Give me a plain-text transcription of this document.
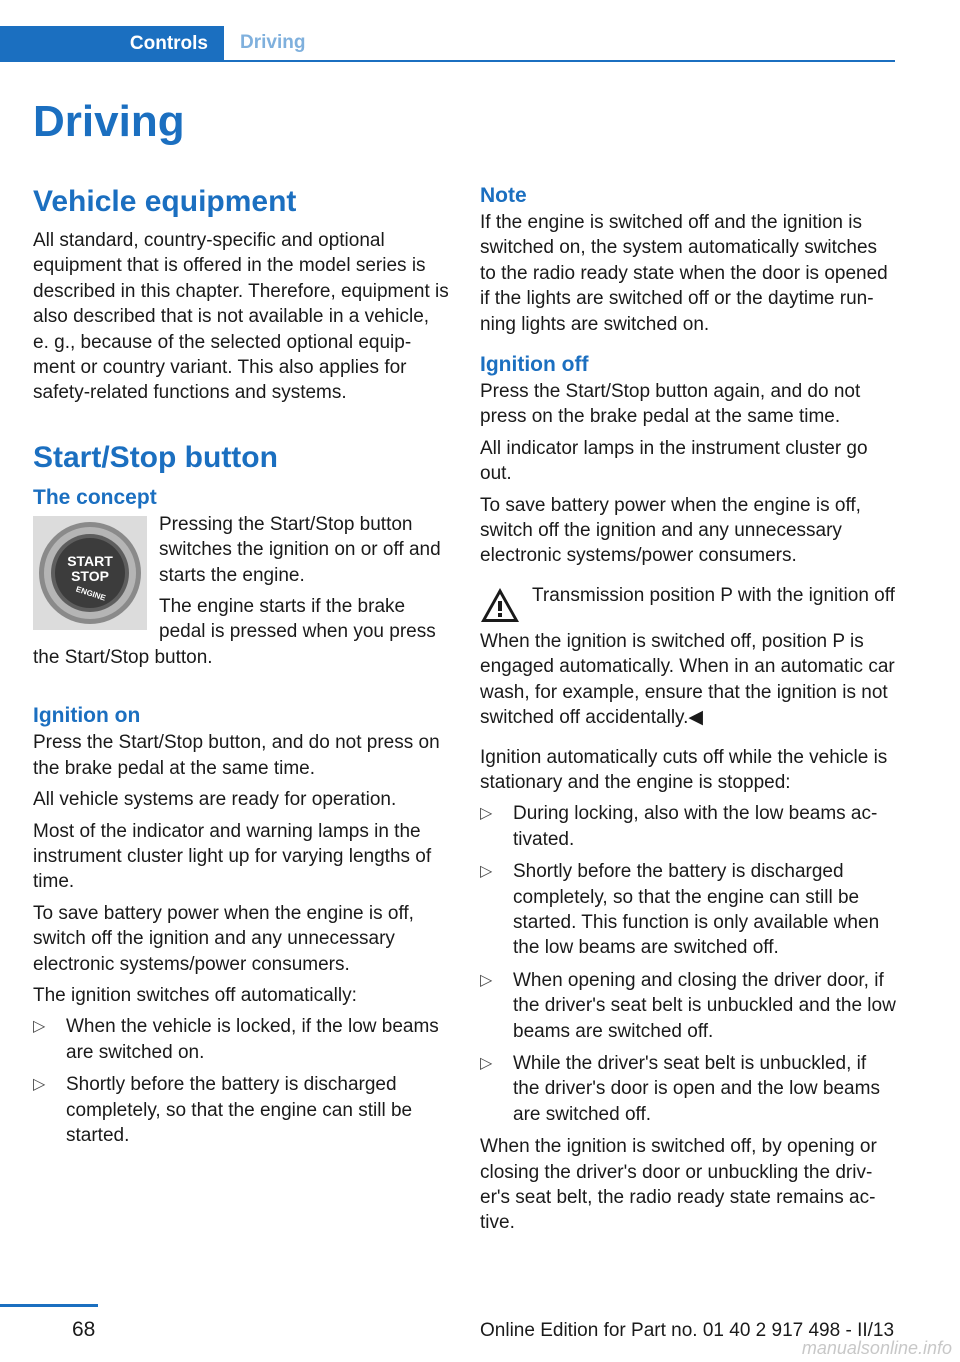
Controls	Driving
Driving
Vehicle equipment

All standard, country-specific and optional equipment that is offered in the model series is described in this chapter. Therefore, equipment is also described that is not available in a vehicle, e. g., because of the selected optional equip-ment or country variant. This also applies for safety-related functions and systems.

Start/Stop button
The concept
START
STOP
ENGINE

Pressing the Start/Stop button switches the ignition on or off and starts the engine.

The engine starts if the brake pedal is pressed when you press the Start/Stop button.

Ignition on

Press the Start/Stop button, and do not press on the brake pedal at the same time.

All vehicle systems are ready for operation.

Most of the indicator and warning lamps in the instrument cluster light up for varying lengths of time.

To save battery power when the engine is off, switch off the ignition and any unnecessary electronic systems/power consumers.

The ignition switches off automatically:

▷ When the vehicle is locked, if the low beams are switched on.
▷ Shortly before the battery is discharged completely, so that the engine can still be started.
Note

If the engine is switched off and the ignition is switched on, the system automatically switches to the radio ready state when the door is opened if the lights are switched off or the daytime run-ning lights are switched on.

Ignition off

Press the Start/Stop button again, and do not press on the brake pedal at the same time.

All indicator lamps in the instrument cluster go out.

To save battery power when the engine is off, switch off the ignition and any unnecessary electronic systems/power consumers.

Transmission position P with the ignition off

When the ignition is switched off, position P is engaged automatically. When in an automatic car wash, for example, ensure that the ignition is not switched off accidentally.◀

Ignition automatically cuts off while the vehicle is stationary and the engine is stopped:

▷ During locking, also with the low beams ac-tivated.
▷ Shortly before the battery is discharged completely, so that the engine can still be started. This function is only available when the low beams are switched off.
▷ When opening and closing the driver door, if the driver's seat belt is unbuckled and the low beams are switched off.
▷ While the driver's seat belt is unbuckled, if the driver's door is open and the low beams are switched off.

When the ignition is switched off, by opening or closing the driver's door or unbuckling the driv-er's seat belt, the radio ready state remains ac-tive.

68	Online Edition for Part no. 01 40 2 917 498 - II/13
manualsonline.info
